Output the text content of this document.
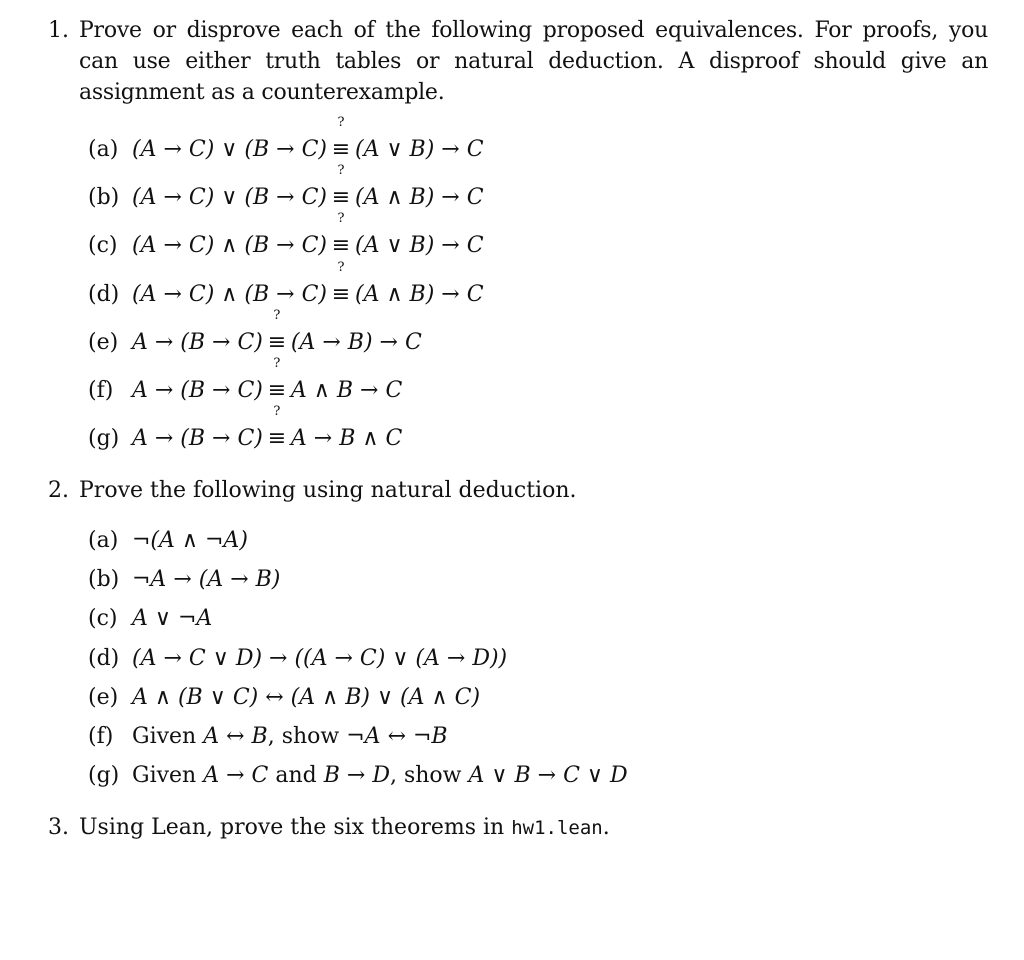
1. Prove or disprove each of the following proposed equivalences. For proofs, you can use either truth tables or natural deduction. A disproof should give an assignment as a counterexample.
(a) (A → C) ∨ (B → C)
?
≡ (A ∨ B) → C
(b) (A → C) ∨ (B → C)
?
≡ (A ∧ B) → C
(c) (A → C) ∧ (B → C)
?
≡ (A ∨ B) → C
(d) (A → C) ∧ (B → C)
?
≡ (A ∧ B) → C
(e) A → (B → C)
?
≡ (A → B) → C
(f) A → (B → C)
?
≡ A ∧ B → C
(g) A → (B → C)
?
≡ A → B ∧ C
2. Prove the following using natural deduction.
(a) ¬(A ∧ ¬A)
(b) ¬A → (A → B)
(c) A ∨ ¬A
(d) (A → C ∨ D) → ((A → C) ∨ (A → D))
(e) A ∧ (B ∨ C) ↔ (A ∧ B) ∨ (A ∧ C)
(f) Given A ↔ B, show ¬A ↔ ¬B
(g) Given A → C and B → D, show A ∨ B → C ∨ D
3. Using Lean, prove the six theorems in hw1.lean.
